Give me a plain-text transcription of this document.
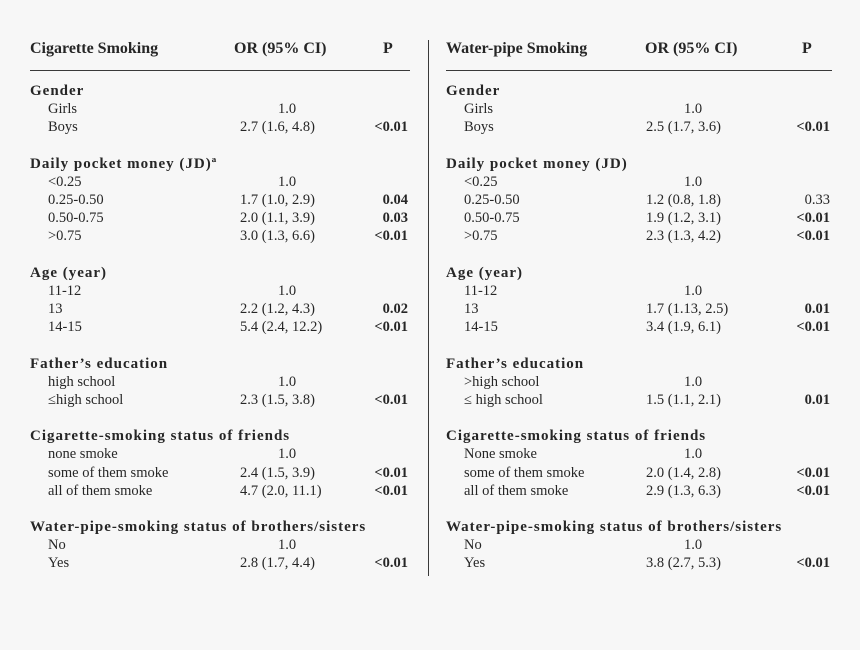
Cigarette Smoking	OR (95% CI)	P
Gender
Girls	1.0
Boys	2.7 (1.6, 4.8)	<0.01
Daily pocket money (JD)ª
<0.25	1.0
0.25-0.50	1.7 (1.0, 2.9)	0.04
0.50-0.75	2.0 (1.1, 3.9)	0.03
>0.75	3.0 (1.3, 6.6)	<0.01
Age (year)
11-12	1.0
13	2.2 (1.2, 4.3)	0.02
14-15	5.4 (2.4, 12.2)	<0.01
Father’s education
high school	1.0
≤high school	2.3 (1.5, 3.8)	<0.01
Cigarette-smoking status of friends
none smoke	1.0
some of them smoke	2.4 (1.5, 3.9)	<0.01
all of them smoke	4.7 (2.0, 11.1)	<0.01
Water-pipe-smoking status of brothers/sisters
No	1.0
Yes	2.8 (1.7, 4.4)	<0.01
Water-pipe Smoking	OR (95% CI)	P
Gender
Girls	1.0
Boys	2.5 (1.7, 3.6)	<0.01
Daily pocket money (JD)
<0.25	1.0
0.25-0.50	1.2 (0.8, 1.8)	0.33
0.50-0.75	1.9 (1.2, 3.1)	<0.01
>0.75	2.3 (1.3, 4.2)	<0.01
Age (year)
11-12	1.0
13	1.7 (1.13, 2.5)	0.01
14-15	3.4 (1.9, 6.1)	<0.01
Father’s education
>high school	1.0
≤ high school	1.5 (1.1, 2.1)	0.01
Cigarette-smoking status of friends
None smoke	1.0
some of them smoke	2.0 (1.4, 2.8)	<0.01
all of them smoke	2.9 (1.3, 6.3)	<0.01
Water-pipe-smoking status of brothers/sisters
No	1.0
Yes	3.8 (2.7, 5.3)	<0.01
